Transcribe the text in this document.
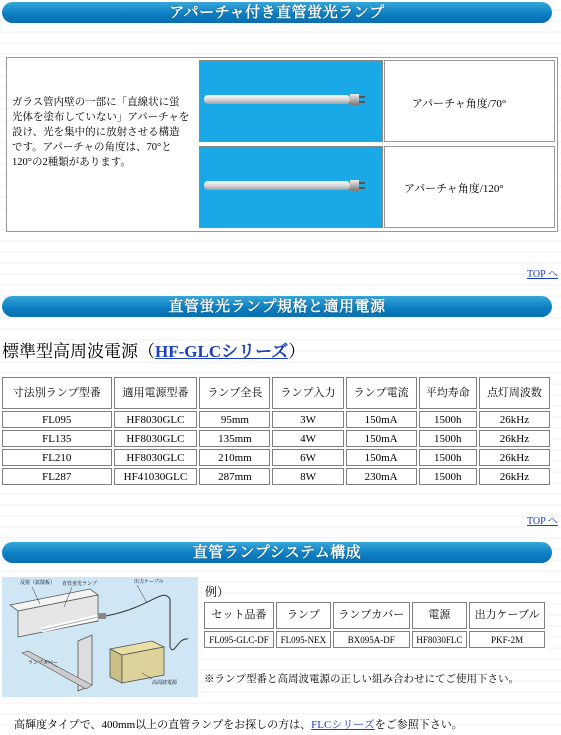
アパーチャ付き直管蛍光ランプ
ガラス管内壁の一部に「直線状に蛍光体を塗布していない」アパーチャを設け、光を集中的に放射させる構造です。アパーチャの角度は、70°と120°の2種類があります。
アパーチャ角度/70°
アパーチャ角度/120°
TOP へ
直管蛍光ランプ規格と適用電源
標準型高周波電源（HF-GLCシリーズ）
寸法別ランプ型番	適用電源型番	ランプ全長	ランプ入力	ランプ電流	平均寿命	点灯周波数
FL095	HF8030GLC	95mm	3W	150mA	1500h	26kHz
FL135	HF8030GLC	135mm	4W	150mA	1500h	26kHz
FL210	HF8030GLC	210mm	6W	150mA	1500h	26kHz
FL287	HF41030GLC	287mm	8W	230mA	1500h	26kHz
TOP へ
直管ランプシステム構成
反射（拡散板） 直管蛍光ランプ	出力ケーブル
ランプカバー
高周波電源
例）
セット品番	ランプ	ランプカバー	電源	出力ケーブル
FL095-GLC-DF	FL095-NEX	BX095A-DF	HF8030FLC	PKF-2M
※ランプ型番と高周波電源の正しい組み合わせにてご使用下さい。
高輝度タイプで、400mm以上の直管ランプをお探しの方は、FLCシリーズをご参照下さい。
